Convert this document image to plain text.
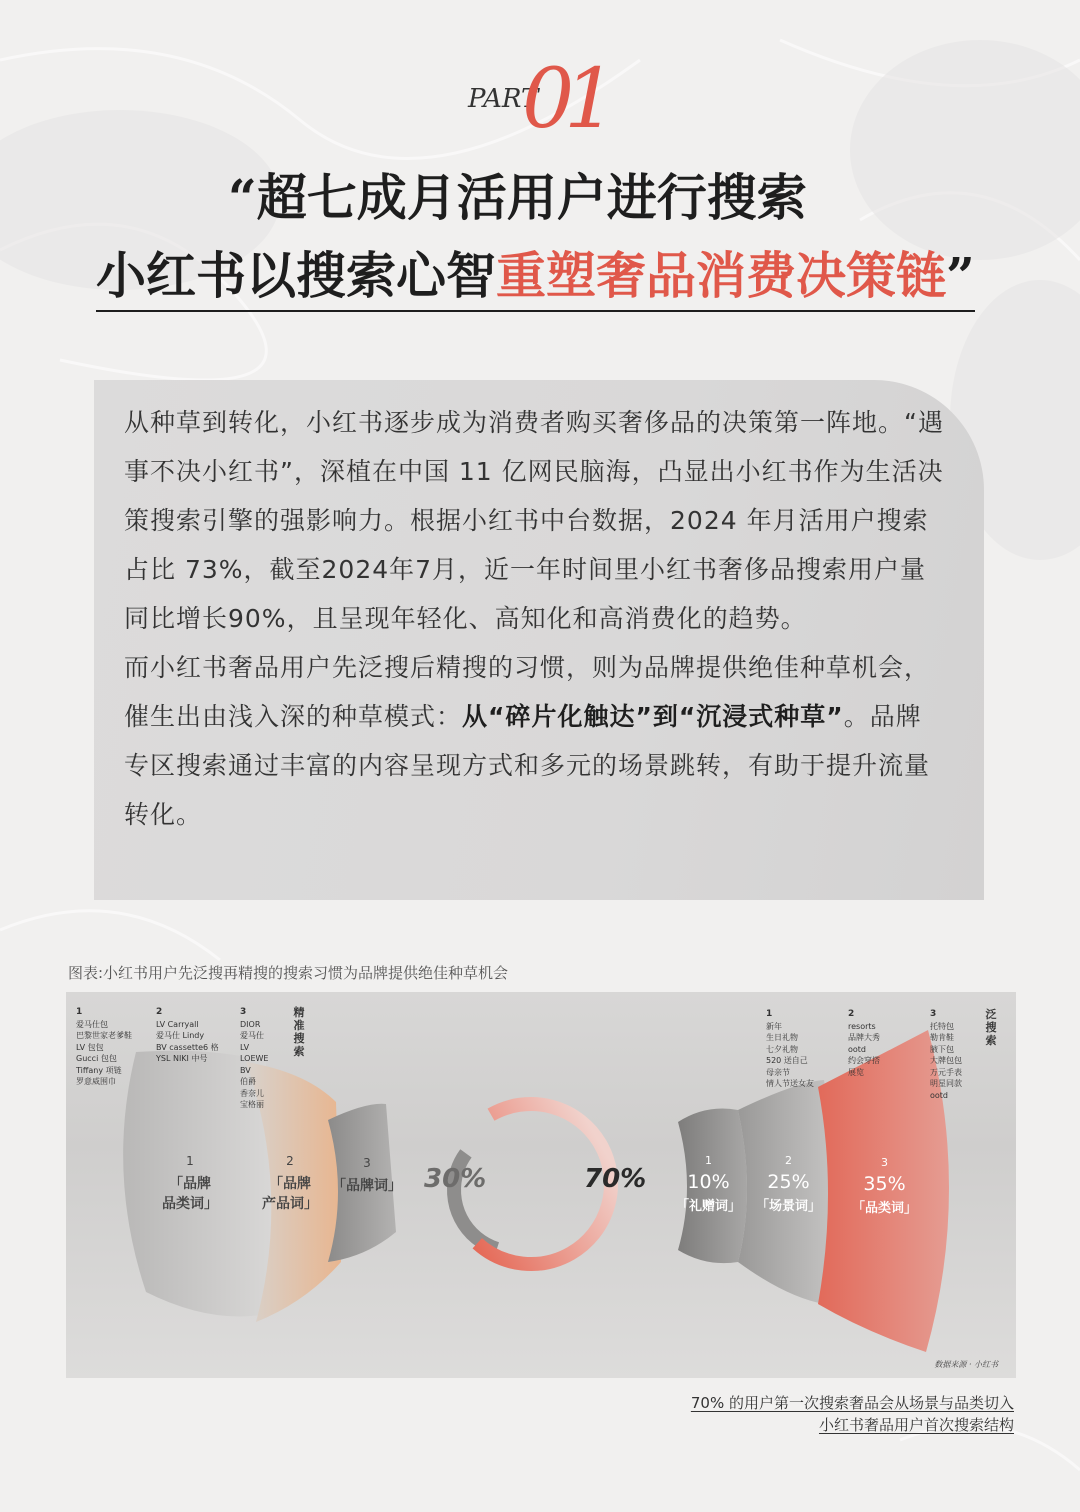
PART
01
“超七成月活用户进行搜索
小红书以搜索心智重塑奢品消费决策链”

从种草到转化，小红书逐步成为消费者购买奢侈品的决策第一阵地。“遇事不决小红书”，深植在中国 11 亿网民脑海，凸显出小红书作为生活决策搜索引擎的强影响力。根据小红书中台数据，2024 年月活用户搜索占比 73%，截至2024年7月，近一年时间里小红书奢侈品搜索用户量同比增长90%，且呈现年轻化、高知化和高消费化的趋势。

而小红书奢品用户先泛搜后精搜的习惯，则为品牌提供绝佳种草机会，催生出由浅入深的种草模式：从“碎片化触达”到“沉浸式种草”。品牌专区搜索通过丰富的内容呈现方式和多元的场景跳转，有助于提升流量转化。

图表:小红书用户先泛搜再精搜的搜索习惯为品牌提供绝佳种草机会
1
爱马仕包
巴黎世家老爹鞋
LV 包包
Gucci 包包
Tiffany 项链
罗意威围巾
2
LV Carryall
爱马仕 Lindy
BV cassette6 格
YSL NIKI 中号
3
DIOR
爱马仕
LV
LOEWE
BV
伯爵
香奈儿
宝格丽
精准搜索
1
「品牌
品类词」
2
「品牌
产品词」
3
「品牌词」 30%	70%
1
10%
「礼赠词」
2
25%
「场景词」
3
35%
「品类词」
1
新年
生日礼物
七夕礼物
520 送自己
母亲节
情人节送女友
2
resorts
品牌大秀
ootd
约会穿搭
展览
3
托特包
勒肯鞋
腋下包
大牌包包
万元手表
明星同款
ootd
泛搜索
数据来源 · 小红书
70% 的用户第一次搜索奢品会从场景与品类切入
小红书奢品用户首次搜索结构
